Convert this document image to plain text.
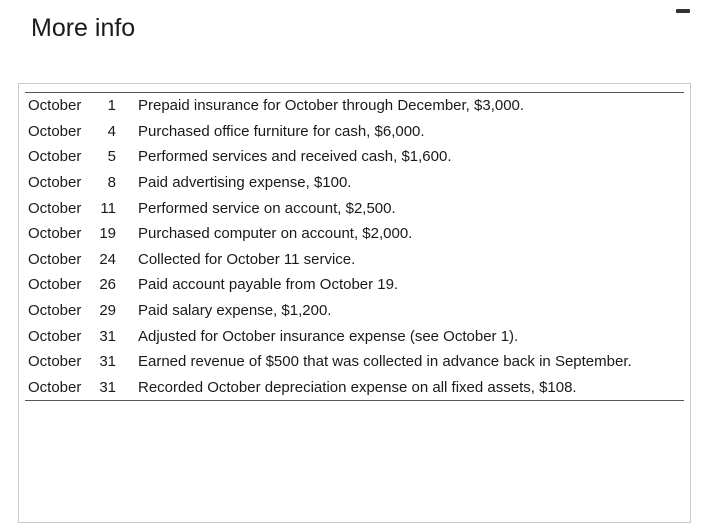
More info
October	1	Prepaid insurance for October through December, $3,000.
October	4	Purchased office furniture for cash, $6,000.
October	5	Performed services and received cash, $1,600.
October	8	Paid advertising expense, $100.
October	11	Performed service on account, $2,500.
October	19	Purchased computer on account, $2,000.
October	24	Collected for October 11 service.
October	26	Paid account payable from October 19.
October	29	Paid salary expense, $1,200.
October	31	Adjusted for October insurance expense (see October 1).
October	31	Earned revenue of $500 that was collected in advance back in September.
October	31	Recorded October depreciation expense on all fixed assets, $108.
